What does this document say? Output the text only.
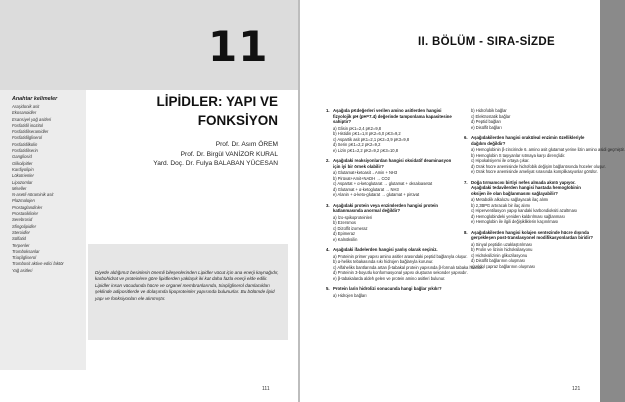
11
Anahtar kelimeler
Araşidonik asit
Ekosanoidler
Esansiyel yağ asitleri
Fosfatidil inozitol
Fosfatidilseramidler
Fosfatidilgliserol
Fosfatidilkolin
Fosfatidilserin
Gangliosid
Glikolipitler
Kardiyolipin
Lökotrienler
Lipozomlar
Miseller
N-asetil-nöraminik asit
Plazmalojen
Prostaglandinler
Prostasiklinler
Serebrosid
Sfingolipidler
Steroidler
Sülfatid
Terpenler
Tromboksanlar
Triaçilgliserol
Trombosit aktive edici faktör
Yağ asitleri
LİPİDLER: YAPI VE
FONKSİYON
Prof. Dr. Asım ÖREM
Prof. Dr. Birgül VANİZOR KURAL
Yard. Doç. Dr. Fulya BALABAN YÜCESAN

Diyetle aldığımız besinlerin önemli bileşenlerinden Lipidler vücut için ana enerji kaynağıdır, karbohidrat ve proteinlere göre lipidlerden yaklaşık iki kat daha fazla enerji elde edilir. Lipidler insan vücudunda hücre ve organel membranlarında, triaçilgliserol damlacıkları şeklinde adipositlerde ve dolaşımda lipoproteinler yapısında bulunurlar. Bu bölümde lipid yapı ve fonksiyonları ele alınmıştır.

111
II. BÖLÜM - SIRA-SİZDE

1. Aşağıda pKdeğerleri verilen amino asitlerden hangisi fizyolojik pH (pH=7.4) değerinde tamponlama kapasitesine sahiptir?

a) Glisin pK1=2,4 pK2=9,8

b) Histidin pK1=1,8 pK2=6,0 pK3=9,2

c) Aspartik asit pK1=2,1 pK2=3,9 pK3=9,8

d) Serin pK1=2,2 pK2=9,2

e) Lizin pK1=2,2 pK2=9,2 pK3=10,8

2. Aşağıdaki reaksiyonlardan hangisi oksidatif deaminasyon için iyi bir örnek olabilir?

a) Glutamat+ketoasit→Amin + NH3

b) Pirüvat+Amit+NADH → CO2

c) Aspartat + α-ketoglutarat → glutamat + oksaloasetat

d) Glutamat + α-ketoglutarat → NH3

e) Alanin + α-keto-glutarat → glutamat + pirüvat

3. Aşağıdaki protein veya enzimlerden hangisi protein katlanmasında anormal değildir?

a) İzo-spikoproteinleri

b) Ezersmos

c) Dizülfit izomeraz

d) Epimeraz

e) Kalnöksilin

4. Aşağıdaki ifadelerden hangisi yanlış olarak seçiniz.

a) Proteinin primer yapısı amino asitler arasındaki peptid bağlarıyla oluşur.

b) α-heliks tebakasında sıkı hidrojen bağlarıyla korunur.

c) Alfaheliks bantlarında artan β-tabakal protein yapısında β-formalı tabaka halinde.

d) Proteinin 3-boyutlu konformasyonal yapısı oluşturan sekonder yapısıdır.

e) β-tabakalarda aldeh gelen ve protein amino asitleri bulunur.

5. Protein larin hidrolizi sonucunda hangi bağlar yıkılır?

a) Hidrojen bağları

b) Hidrofobik bağlar

c) Elektrostatik bağlar

d) Peptid bağları

e) Disülfit bağları

6. Aşağıdakilerden hangisi oraküleal enzimin özellikleriyle dağılım değildir?

a) Hemoglobinin β-zincirinde 6. amino asit glutamat yerine lizin amino asidi geçmiştir.

b) Hemoglobin S taşıyanlar sıtmaya karşı dirençlidir.

c) Hipokalsiyemi ile ortaya çıkar.

d) Orak hücre anemisinde hidrofobik değişim bağlantısında hüceler oluşur.

e) Orak hücre anemisinde ameliyat sırasında komplikasyonlar görülür.

7. Doğa tırmanıcısı birtiyi nefes almada akıntı yapıyor. Aşağıdaki tedavilerden hangisi hastada hemoglobinin oksijen ile olan bağlanmasını sağlayabilir?

a) Metabolik alkalozu sağlayacak ilaç alımı

b) 2,3BPG artıracak bir ilaç alımı

c) Hiperventilasyon yapıp kandaki karbondioksiti azaltması

d) Hemoglobindeki yeniden kaldırılması sağlanması

e) Hemoglobin ile ilgili değişikliklerin kaçınılması

8. Aşağıdakilerden hangisi kolajen sentezinde hücre dışında gerçekleşen post-translasyonel modifikasyonlardan biridir?

a) Sinyal peptidin uzaklaştırılması

b) Prolin ve lizinin hidroksilasyonu

c) Hidroksilizinin glikozilasyonu

d) Disülfit bağlarının oluşması

e) Aldol çapraz bağlarının oluşması

121
